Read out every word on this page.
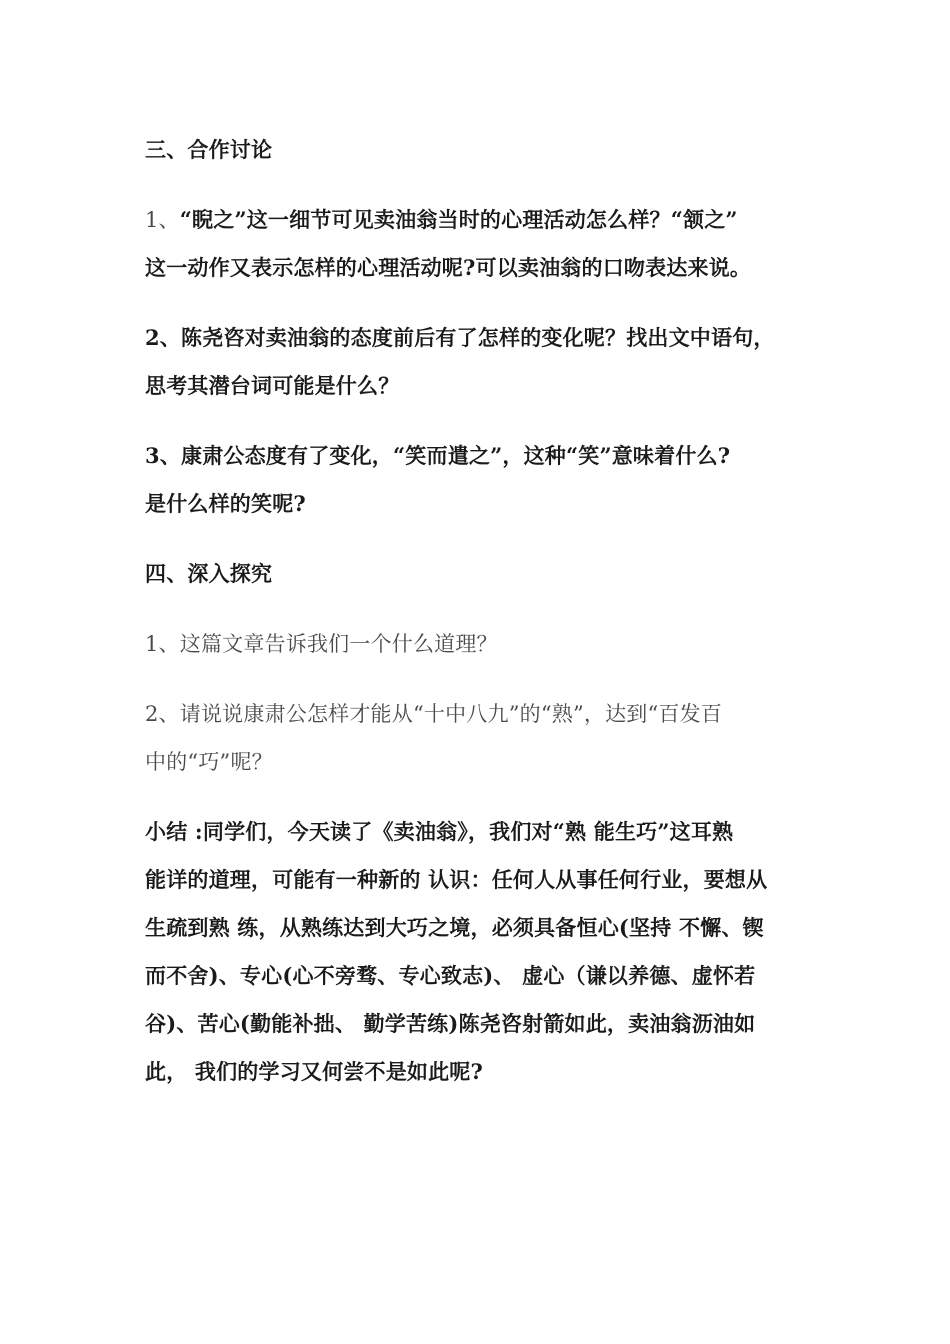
三、合作讨论
1、“睨之”这一细节可见卖油翁当时的心理活动怎么样？“颔之”
这一动作又表示怎样的心理活动呢?可以卖油翁的口吻表达来说。
2、陈尧咨对卖油翁的态度前后有了怎样的变化呢？找出文中语句，
思考其潜台词可能是什么？
3、康肃公态度有了变化，“笑而遣之”，这种“笑”意味着什么?
是什么样的笑呢?
四、深入探究
1、这篇文章告诉我们一个什么道理？
2、请说说康肃公怎样才能从“十中八九”的“熟”，达到“百发百
中的“巧”呢？
小结 :同学们，今天读了《卖油翁》，我们对“熟 能生巧”这耳熟
能详的道理，可能有一种新的 认识：任何人从事任何行业，要想从
生疏到熟 练，从熟练达到大巧之境，必须具备恒心(坚持 不懈、锲
而不舍)、专心(心不旁骛、专心致志)、 虚心（谦以养德、虚怀若
谷)、苦心(勤能补拙、 勤学苦练)陈尧咨射箭如此，卖油翁沥油如
此， 我们的学习又何尝不是如此呢?
